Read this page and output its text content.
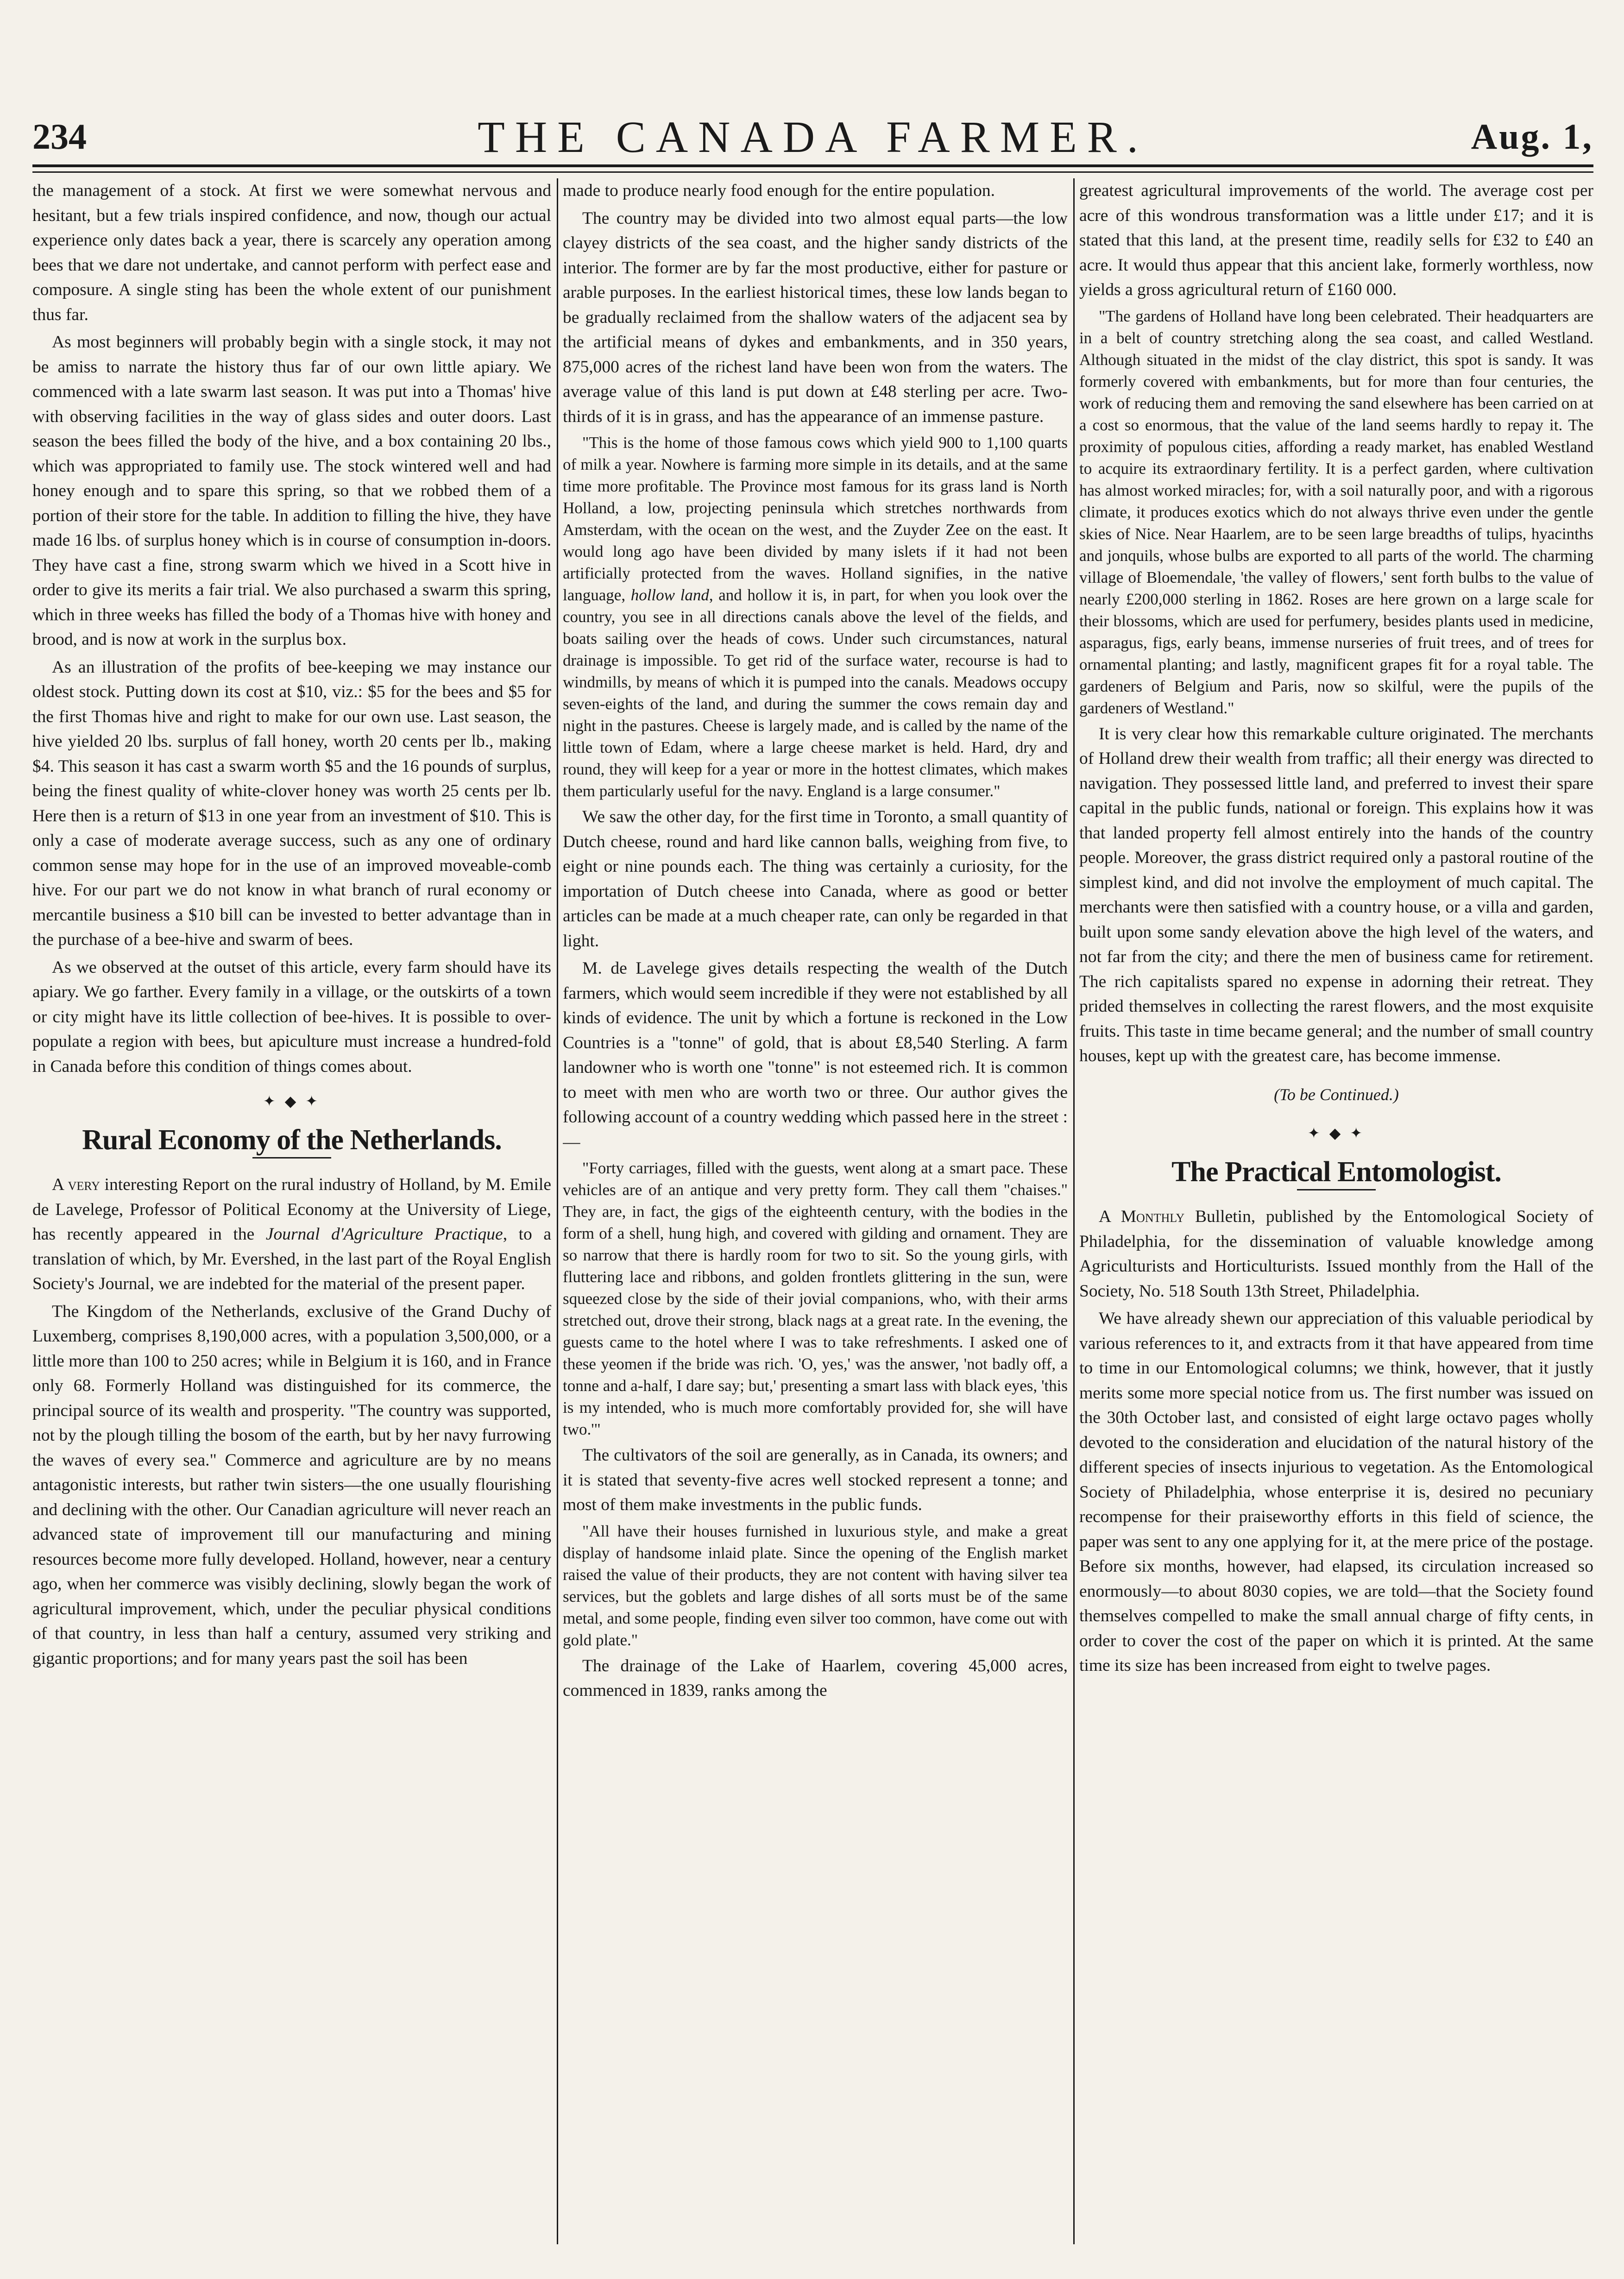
234	THE CANADA FARMER.	Aug. 1,

the management of a stock. At first we were somewhat nervous and hesitant, but a few trials inspired confidence, and now, though our actual experience only dates back a year, there is scarcely any operation among bees that we dare not undertake, and cannot perform with perfect ease and composure. A single sting has been the whole extent of our punishment thus far.

As most beginners will probably begin with a single stock, it may not be amiss to narrate the history thus far of our own little apiary. We commenced with a late swarm last season. It was put into a Thomas' hive with observing facilities in the way of glass sides and outer doors. Last season the bees filled the body of the hive, and a box containing 20 lbs., which was appropriated to family use. The stock wintered well and had honey enough and to spare this spring, so that we robbed them of a portion of their store for the table. In addition to filling the hive, they have made 16 lbs. of surplus honey which is in course of consumption in-doors. They have cast a fine, strong swarm which we hived in a Scott hive in order to give its merits a fair trial. We also purchased a swarm this spring, which in three weeks has filled the body of a Thomas hive with honey and brood, and is now at work in the surplus box.

As an illustration of the profits of bee-keeping we may instance our oldest stock. Putting down its cost at $10, viz.: $5 for the bees and $5 for the first Thomas hive and right to make for our own use. Last season, the hive yielded 20 lbs. surplus of fall honey, worth 20 cents per lb., making $4. This season it has cast a swarm worth $5 and the 16 pounds of surplus, being the finest quality of white-clover honey was worth 25 cents per lb. Here then is a return of $13 in one year from an investment of $10. This is only a case of moderate average success, such as any one of ordinary common sense may hope for in the use of an improved moveable-comb hive. For our part we do not know in what branch of rural economy or mercantile business a $10 bill can be invested to better advantage than in the purchase of a bee-hive and swarm of bees.

As we observed at the outset of this article, every farm should have its apiary. We go farther. Every family in a village, or the outskirts of a town or city might have its little collection of bee-hives. It is possible to over-populate a region with bees, but apiculture must increase a hundred-fold in Canada before this condition of things comes about.

✦ ◆ ✦
Rural Economy of the Netherlands.

A very interesting Report on the rural industry of Holland, by M. Emile de Lavelege, Professor of Political Economy at the University of Liege, has recently appeared in the Journal d'Agriculture Practique, to a translation of which, by Mr. Evershed, in the last part of the Royal English Society's Journal, we are indebted for the material of the present paper.

The Kingdom of the Netherlands, exclusive of the Grand Duchy of Luxemberg, comprises 8,190,000 acres, with a population 3,500,000, or a little more than 100 to 250 acres; while in Belgium it is 160, and in France only 68. Formerly Holland was distinguished for its commerce, the principal source of its wealth and prosperity. "The country was supported, not by the plough tilling the bosom of the earth, but by her navy furrowing the waves of every sea." Commerce and agriculture are by no means antagonistic interests, but rather twin sisters—the one usually flourishing and declining with the other. Our Canadian agriculture will never reach an advanced state of improvement till our manufacturing and mining resources become more fully developed. Holland, however, near a century ago, when her commerce was visibly declining, slowly began the work of agricultural improvement, which, under the peculiar physical conditions of that country, in less than half a century, assumed very striking and gigantic proportions; and for many years past the soil has been

made to produce nearly food enough for the entire population.

The country may be divided into two almost equal parts—the low clayey districts of the sea coast, and the higher sandy districts of the interior. The former are by far the most productive, either for pasture or arable purposes. In the earliest historical times, these low lands began to be gradually reclaimed from the shallow waters of the adjacent sea by the artificial means of dykes and embankments, and in 350 years, 875,000 acres of the richest land have been won from the waters. The average value of this land is put down at £48 sterling per acre. Two-thirds of it is in grass, and has the appearance of an immense pasture.

"This is the home of those famous cows which yield 900 to 1,100 quarts of milk a year. Nowhere is farming more simple in its details, and at the same time more profitable. The Province most famous for its grass land is North Holland, a low, projecting peninsula which stretches northwards from Amsterdam, with the ocean on the west, and the Zuyder Zee on the east. It would long ago have been divided by many islets if it had not been artificially protected from the waves. Holland signifies, in the native language, hollow land, and hollow it is, in part, for when you look over the country, you see in all directions canals above the level of the fields, and boats sailing over the heads of cows. Under such circumstances, natural drainage is impossible. To get rid of the surface water, recourse is had to windmills, by means of which it is pumped into the canals. Meadows occupy seven-eights of the land, and during the summer the cows remain day and night in the pastures. Cheese is largely made, and is called by the name of the little town of Edam, where a large cheese market is held. Hard, dry and round, they will keep for a year or more in the hottest climates, which makes them particularly useful for the navy. England is a large consumer."

We saw the other day, for the first time in Toronto, a small quantity of Dutch cheese, round and hard like cannon balls, weighing from five, to eight or nine pounds each. The thing was certainly a curiosity, for the importation of Dutch cheese into Canada, where as good or better articles can be made at a much cheaper rate, can only be regarded in that light.

M. de Lavelege gives details respecting the wealth of the Dutch farmers, which would seem incredible if they were not established by all kinds of evidence. The unit by which a fortune is reckoned in the Low Countries is a "tonne" of gold, that is about £8,540 Sterling. A farm landowner who is worth one "tonne" is not esteemed rich. It is common to meet with men who are worth two or three. Our author gives the following account of a country wedding which passed here in the street :—

"Forty carriages, filled with the guests, went along at a smart pace. These vehicles are of an antique and very pretty form. They call them "chaises." They are, in fact, the gigs of the eighteenth century, with the bodies in the form of a shell, hung high, and covered with gilding and ornament. They are so narrow that there is hardly room for two to sit. So the young girls, with fluttering lace and ribbons, and golden frontlets glittering in the sun, were squeezed close by the side of their jovial companions, who, with their arms stretched out, drove their strong, black nags at a great rate. In the evening, the guests came to the hotel where I was to take refreshments. I asked one of these yeomen if the bride was rich. 'O, yes,' was the answer, 'not badly off, a tonne and a-half, I dare say; but,' presenting a smart lass with black eyes, 'this is my intended, who is much more comfortably provided for, she will have two.'"

The cultivators of the soil are generally, as in Canada, its owners; and it is stated that seventy-five acres well stocked represent a tonne; and most of them make investments in the public funds.

"All have their houses furnished in luxurious style, and make a great display of handsome inlaid plate. Since the opening of the English market raised the value of their products, they are not content with having silver tea services, but the goblets and large dishes of all sorts must be of the same metal, and some people, finding even silver too common, have come out with gold plate."

The drainage of the Lake of Haarlem, covering 45,000 acres, commenced in 1839, ranks among the

greatest agricultural improvements of the world. The average cost per acre of this wondrous transformation was a little under £17; and it is stated that this land, at the present time, readily sells for £32 to £40 an acre. It would thus appear that this ancient lake, formerly worthless, now yields a gross agricultural return of £160 000.

"The gardens of Holland have long been celebrated. Their headquarters are in a belt of country stretching along the sea coast, and called Westland. Although situated in the midst of the clay district, this spot is sandy. It was formerly covered with embankments, but for more than four centuries, the work of reducing them and removing the sand elsewhere has been carried on at a cost so enormous, that the value of the land seems hardly to repay it. The proximity of populous cities, affording a ready market, has enabled Westland to acquire its extraordinary fertility. It is a perfect garden, where cultivation has almost worked miracles; for, with a soil naturally poor, and with a rigorous climate, it produces exotics which do not always thrive even under the gentle skies of Nice. Near Haarlem, are to be seen large breadths of tulips, hyacinths and jonquils, whose bulbs are exported to all parts of the world. The charming village of Bloemendale, 'the valley of flowers,' sent forth bulbs to the value of nearly £200,000 sterling in 1862. Roses are here grown on a large scale for their blossoms, which are used for perfumery, besides plants used in medicine, asparagus, figs, early beans, immense nurseries of fruit trees, and of trees for ornamental planting; and lastly, magnificent grapes fit for a royal table. The gardeners of Belgium and Paris, now so skilful, were the pupils of the gardeners of Westland."

It is very clear how this remarkable culture originated. The merchants of Holland drew their wealth from traffic; all their energy was directed to navigation. They possessed little land, and preferred to invest their spare capital in the public funds, national or foreign. This explains how it was that landed property fell almost entirely into the hands of the country people. Moreover, the grass district required only a pastoral routine of the simplest kind, and did not involve the employment of much capital. The merchants were then satisfied with a country house, or a villa and garden, built upon some sandy elevation above the high level of the waters, and not far from the city; and there the men of business came for retirement. The rich capitalists spared no expense in adorning their retreat. They prided themselves in collecting the rarest flowers, and the most exquisite fruits. This taste in time became general; and the number of small country houses, kept up with the greatest care, has become immense.

(To be Continued.)
✦ ◆ ✦
The Practical Entomologist.

A Monthly Bulletin, published by the Entomological Society of Philadelphia, for the dissemination of valuable knowledge among Agriculturists and Horticulturists. Issued monthly from the Hall of the Society, No. 518 South 13th Street, Philadelphia.

We have already shewn our appreciation of this valuable periodical by various references to it, and extracts from it that have appeared from time to time in our Entomological columns; we think, however, that it justly merits some more special notice from us. The first number was issued on the 30th October last, and consisted of eight large octavo pages wholly devoted to the consideration and elucidation of the natural history of the different species of insects injurious to vegetation. As the Entomological Society of Philadelphia, whose enterprise it is, desired no pecuniary recompense for their praiseworthy efforts in this field of science, the paper was sent to any one applying for it, at the mere price of the postage. Before six months, however, had elapsed, its circulation increased so enormously—to about 8030 copies, we are told—that the Society found themselves compelled to make the small annual charge of fifty cents, in order to cover the cost of the paper on which it is printed. At the same time its size has been increased from eight to twelve pages.
